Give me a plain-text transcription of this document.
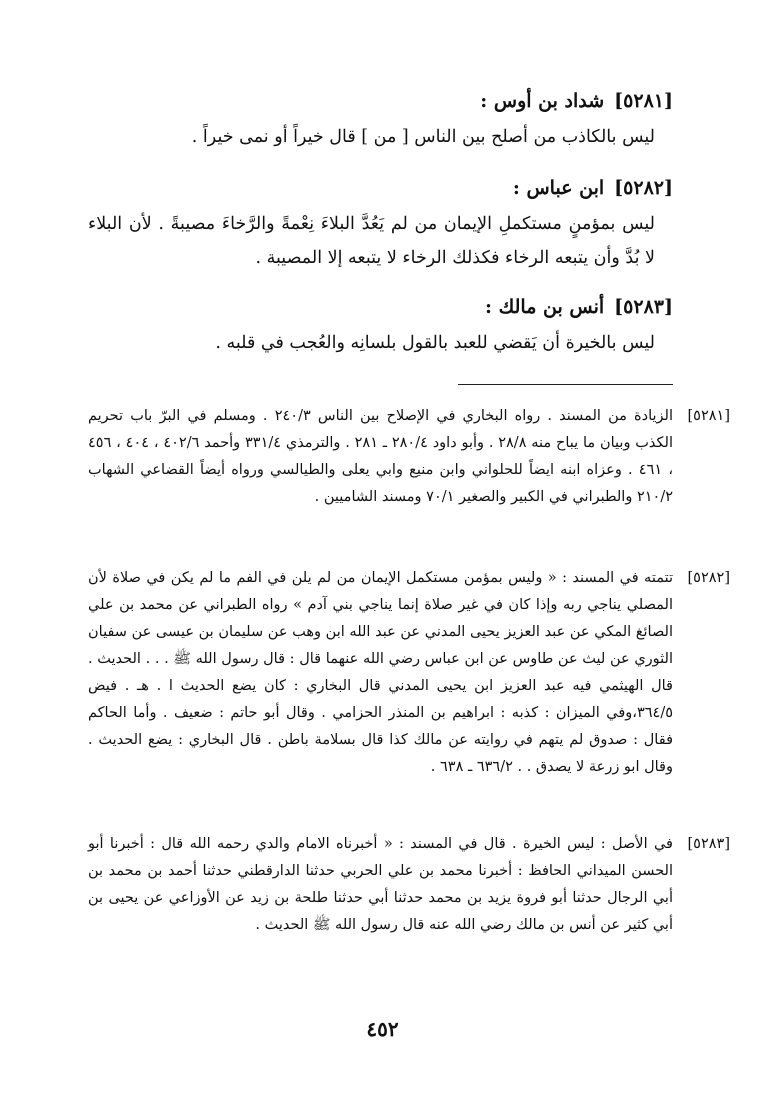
[٥٢٨١]شداد بن أوس :

ليس بالكاذب من أصلح بين الناس [ من ] قال خيراً أو نمى خيراً .

[٥٢٨٢]ابن عباس :

ليس بمؤمنٍ مستكملِ الإيمان من لم يَعُدَّ البلاءَ نِعْمةً والرَّخاءَ مصيبةً . لأن البلاء لا بُدَّ وأن يتبعه الرخاء فكذلك الرخاء لا يتبعه إلا المصيبة .

[٥٢٨٣]أنس بن مالك :

ليس بالخيرة أن يَقضي للعبد بالقول بلسانِه والعُجب في قلبه .

[٥٢٨١]

الزيادة من المسند . رواه البخاري في الإصلاح بين الناس ٢٤٠/٣ . ومسلم في البرّ باب تحريم الكذب وبيان ما يباح منه ٢٨/٨ . وأبو داود ٢٨٠/٤ ـ ٢٨١ . والترمذي ٣٣١/٤ وأحمد ٤٠٢/٦ ، ٤٠٤ ، ٤٥٦ ، ٤٦١ . وعزاه ابنه ايضاً للحلواني وابن منيع وابي يعلى والطيالسي ورواه أيضاً القضاعي الشهاب ٢١٠/٢ والطبراني في الكبير والصغير ٧٠/١ ومسند الشاميين .

[٥٢٨٢]

تتمته في المسند : « وليس بمؤمن مستكمل الإيمان من لم يلن في الفم ما لم يكن في صلاة لأن المصلي يناجي ربه وإذا كان في غير صلاة إنما يناجي بني آدم » رواه الطبراني عن محمد بن علي الصائغ المكي عن عبد العزيز يحيى المدني عن عبد الله ابن وهب عن سليمان بن عيسى عن سفيان الثوري عن ليث عن طاوس عن ابن عباس رضي الله عنهما قال : قال رسول الله ﷺ . . . الحديث . قال الهيثمي فيه عبد العزيز ابن يحيى المدني قال البخاري : كان يضع الحديث ا . هـ . فيض ٣٦٤/٥،وفي الميزان : كذبه : ابراهيم بن المنذر الحزامي . وقال أبو حاتم : ضعيف . وأما الحاكم فقال : صدوق لم يتهم في روايته عن مالك كذا قال بسلامة باطن . قال البخاري : يضع الحديث . وقال ابو زرعة لا يصدق . . ٦٣٦/٢ ـ ٦٣٨ .

[٥٢٨٣]

في الأصل : ليس الخيرة . قال في المسند : « أخبرناه الامام والدي رحمه الله قال : أخبرنا أبو الحسن الميداني الحافظ : أخبرنا محمد بن علي الحربي حدثنا الدارقطني حدثنا أحمد بن محمد بن أبي الرجال حدثنا أبو فروة يزيد بن محمد حدثنا أبي حدثنا طلحة بن زيد عن الأوزاعي عن يحيى بن أبي كثير عن أنس بن مالك رضي الله عنه قال رسول الله ﷺ الحديث .

٤٥٢
